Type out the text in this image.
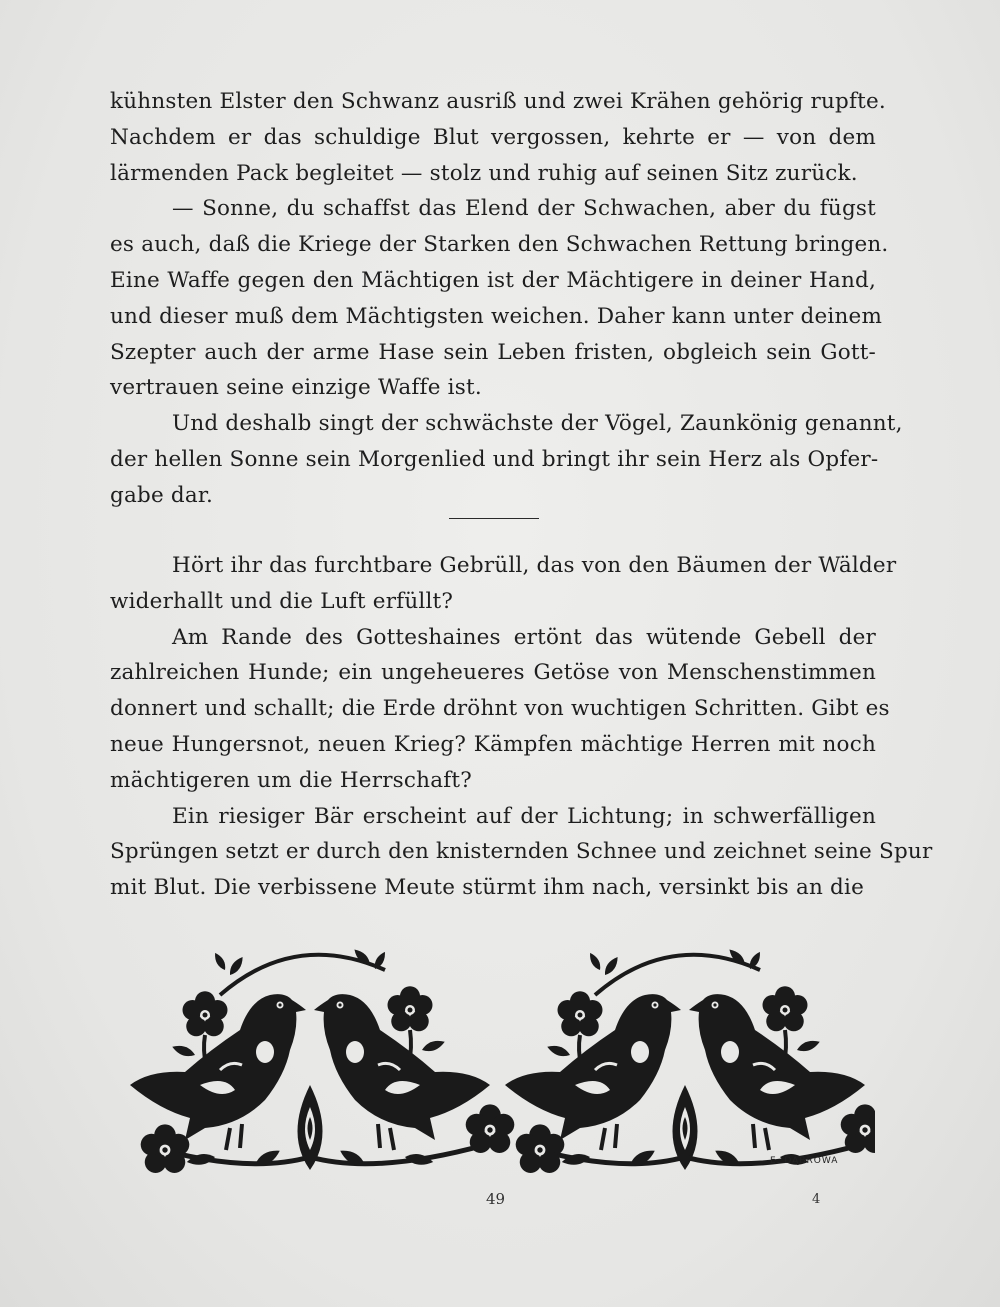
kühnsten Elster den Schwanz ausriß und zwei Krähen gehörig rupfte.
Nachdem er das schuldige Blut vergossen, kehrte er — von dem
lärmenden Pack begleitet — stolz und ruhig auf seinen Sitz zurück.
— Sonne, du schaffst das Elend der Schwachen, aber du fügst
es auch, daß die Kriege der Starken den Schwachen Rettung bringen.
Eine Waffe gegen den Mächtigen ist der Mächtigere in deiner Hand,
und dieser muß dem Mächtigsten weichen. Daher kann unter deinem
Szepter auch der arme Hase sein Leben fristen, obgleich sein Gott-
vertrauen seine einzige Waffe ist.
Und deshalb singt der schwächste der Vögel, Zaunkönig genannt,
der hellen Sonne sein Morgenlied und bringt ihr sein Herz als Opfer-
gabe dar.
Hört ihr das furchtbare Gebrüll, das von den Bäumen der Wälder
widerhallt und die Luft erfüllt?
Am Rande des Gotteshaines ertönt das wütende Gebell der
zahlreichen Hunde; ein ungeheueres Getöse von Menschenstimmen
donnert und schallt; die Erde dröhnt von wuchtigen Schritten. Gibt es
neue Hungersnot, neuen Krieg? Kämpfen mächtige Herren mit noch
mächtigeren um die Herrschaft?
Ein riesiger Bär erscheint auf der Lichtung; in schwerfälligen
Sprüngen setzt er durch den knisternden Schnee und zeichnet seine Spur
mit Blut. Die verbissene Meute stürmt ihm nach, versinkt bis an die
E. DĄBROWA
49	4
